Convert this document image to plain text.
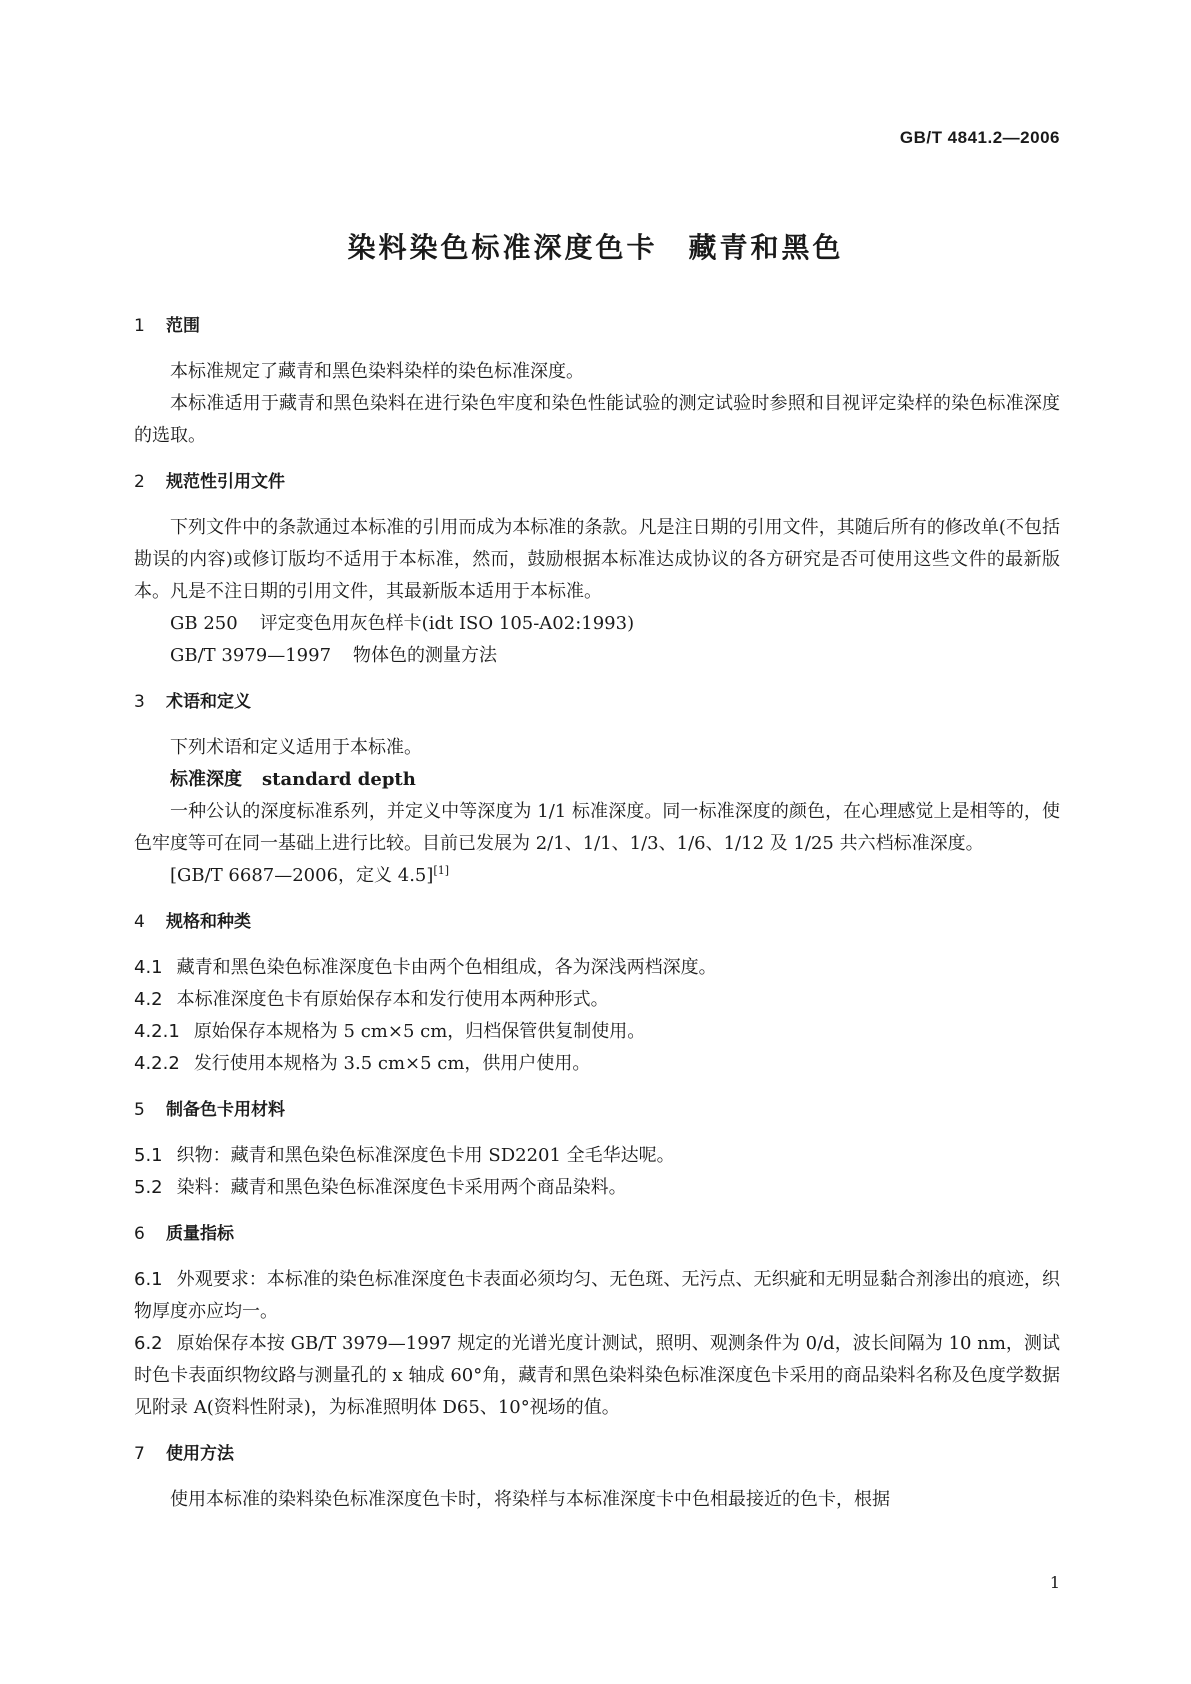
GB/T 4841.2—2006
染料染色标准深度色卡　藏青和黑色
1 范围

本标准规定了藏青和黑色染料染样的染色标准深度。

本标准适用于藏青和黑色染料在进行染色牢度和染色性能试验的测定试验时参照和目视评定染样的染色标准深度的选取。

2 规范性引用文件

下列文件中的条款通过本标准的引用而成为本标准的条款。凡是注日期的引用文件，其随后所有的修改单(不包括勘误的内容)或修订版均不适用于本标准，然而，鼓励根据本标准达成协议的各方研究是否可使用这些文件的最新版本。凡是不注日期的引用文件，其最新版本适用于本标准。

GB 250 评定变色用灰色样卡(idt ISO 105-A02:1993)
GB/T 3979—1997 物体色的测量方法
3 术语和定义

下列术语和定义适用于本标准。

标准深度 standard depth

一种公认的深度标准系列，并定义中等深度为 1/1 标准深度。同一标准深度的颜色，在心理感觉上是相等的，使色牢度等可在同一基础上进行比较。目前已发展为 2/1、1/1、1/3、1/6、1/12 及 1/25 共六档标准深度。

[GB/T 6687—2006，定义 4.5][1]
4 规格和种类
4.1 藏青和黑色染色标准深度色卡由两个色相组成，各为深浅两档深度。
4.2 本标准深度色卡有原始保存本和发行使用本两种形式。
4.2.1 原始保存本规格为 5 cm×5 cm，归档保管供复制使用。
4.2.2 发行使用本规格为 3.5 cm×5 cm，供用户使用。
5 制备色卡用材料
5.1 织物：藏青和黑色染色标准深度色卡用 SD2201 全毛华达呢。
5.2 染料：藏青和黑色染色标准深度色卡采用两个商品染料。
6 质量指标
6.1 外观要求：本标准的染色标准深度色卡表面必须均匀、无色斑、无污点、无织疵和无明显黏合剂渗出的痕迹，织物厚度亦应均一。
6.2 原始保存本按 GB/T 3979—1997 规定的光谱光度计测试，照明、观测条件为 0/d，波长间隔为 10 nm，测试时色卡表面织物纹路与测量孔的 x 轴成 60°角，藏青和黑色染料染色标准深度色卡采用的商品染料名称及色度学数据见附录 A(资料性附录)，为标准照明体 D65、10°视场的值。
7 使用方法

使用本标准的染料染色标准深度色卡时，将染样与本标准深度卡中色相最接近的色卡，根据

1
